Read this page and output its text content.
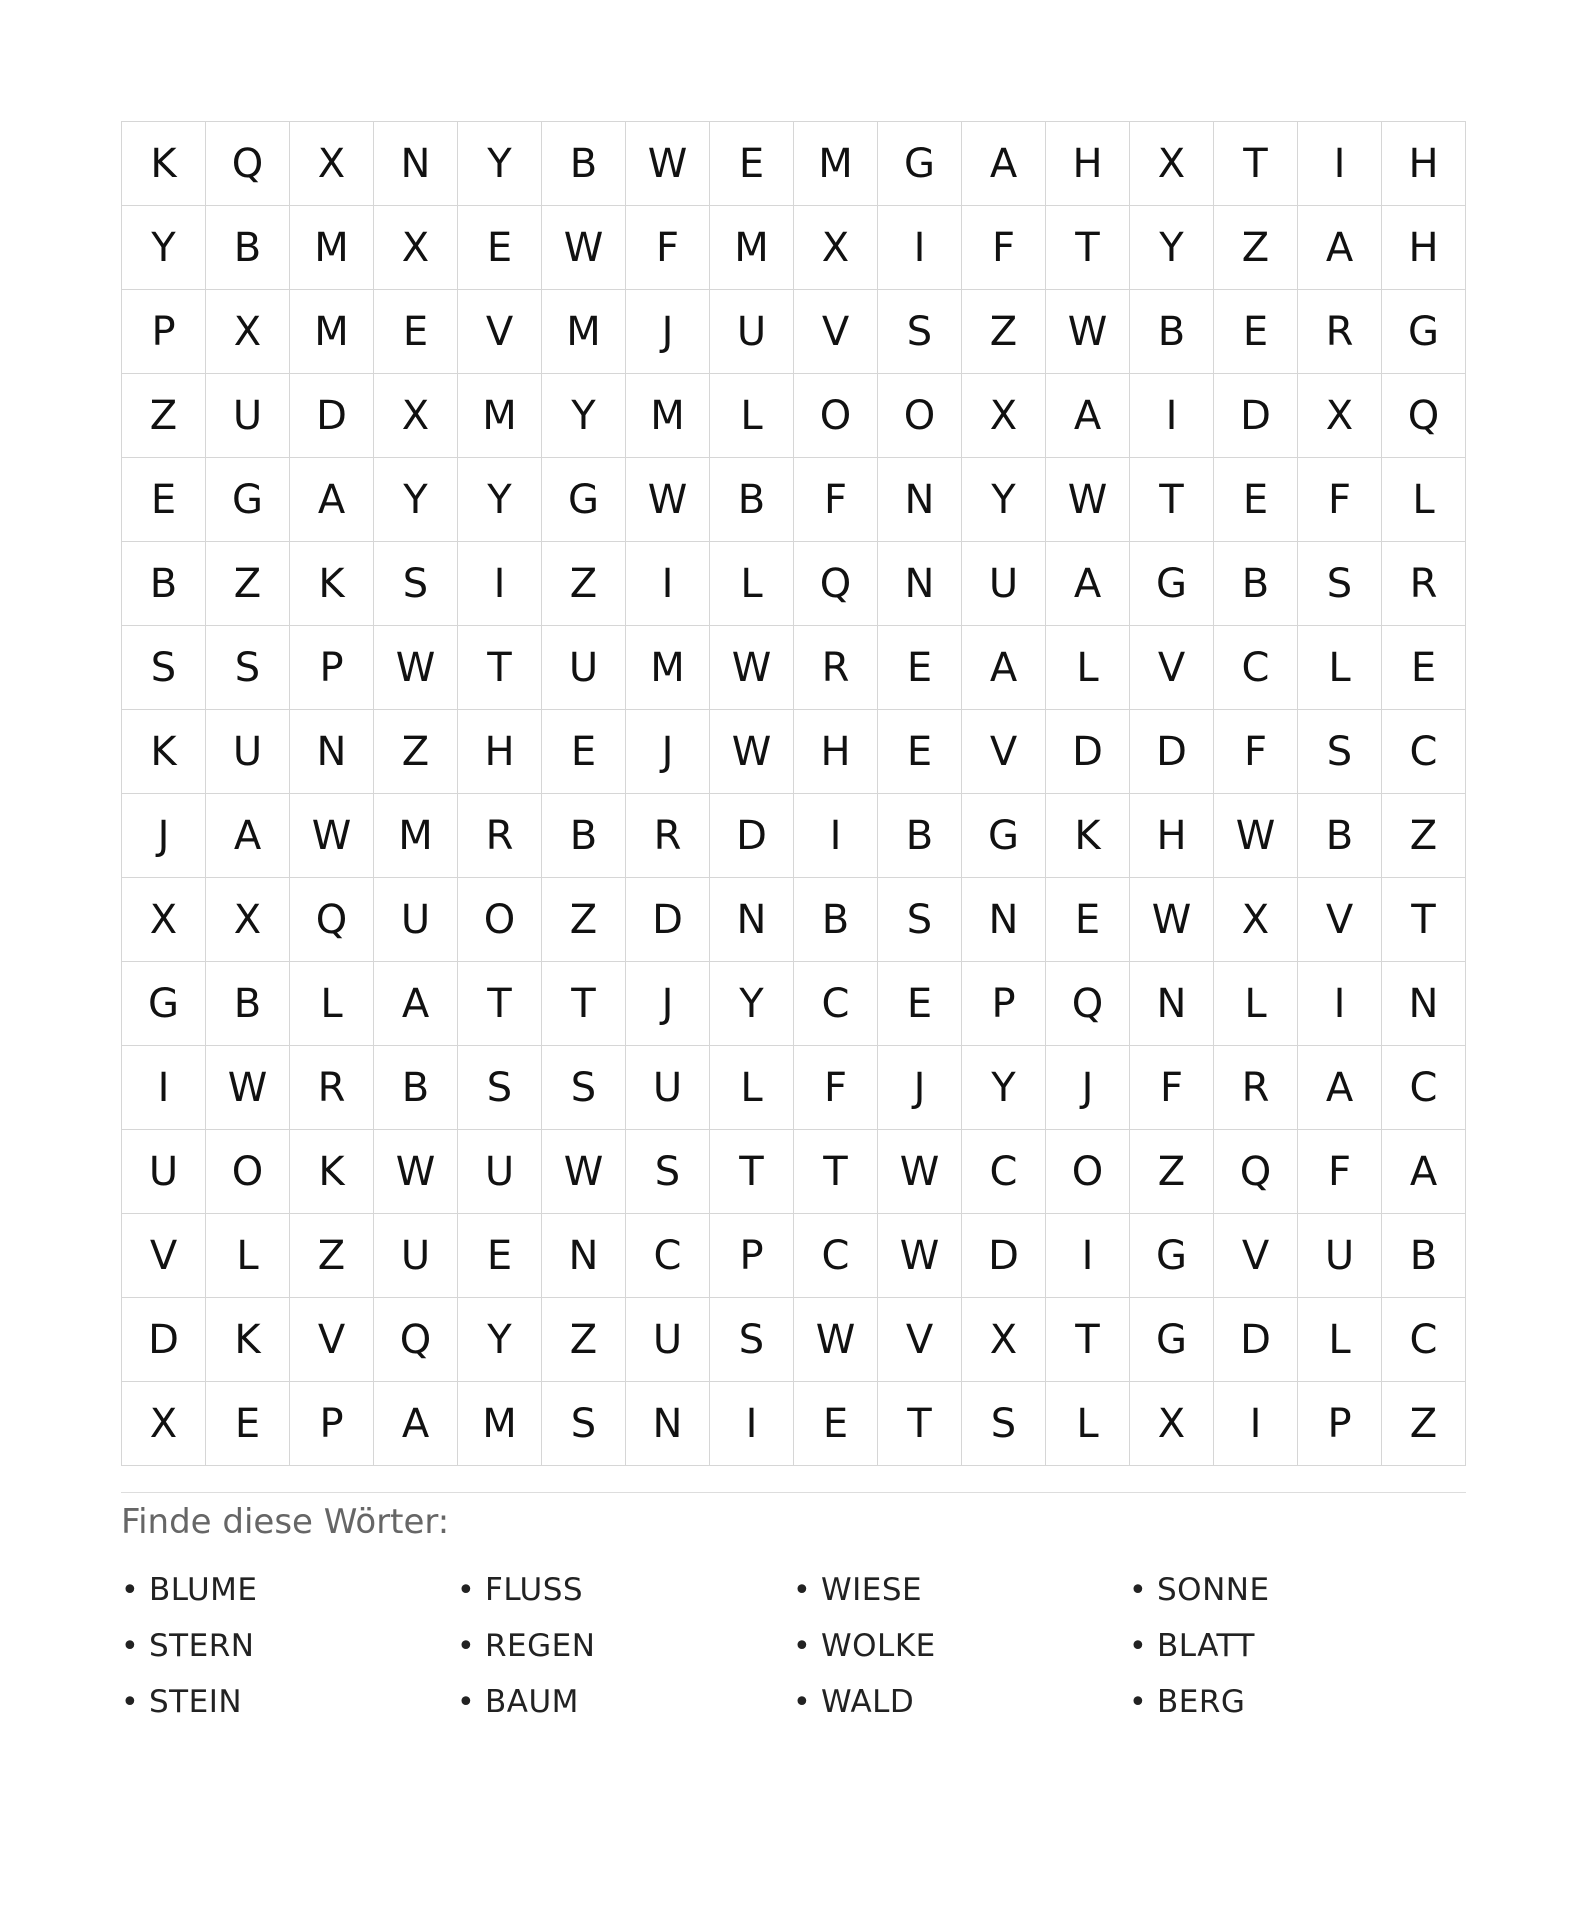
K	Q	X	N	Y	B	W	E	M	G	A	H	X	T	I	H
Y	B	M	X	E	W	F	M	X	I	F	T	Y	Z	A	H
P	X	M	E	V	M	J	U	V	S	Z	W	B	E	R	G
Z	U	D	X	M	Y	M	L	O	O	X	A	I	D	X	Q
E	G	A	Y	Y	G	W	B	F	N	Y	W	T	E	F	L
B	Z	K	S	I	Z	I	L	Q	N	U	A	G	B	S	R
S	S	P	W	T	U	M	W	R	E	A	L	V	C	L	E
K	U	N	Z	H	E	J	W	H	E	V	D	D	F	S	C
J	A	W	M	R	B	R	D	I	B	G	K	H	W	B	Z
X	X	Q	U	O	Z	D	N	B	S	N	E	W	X	V	T
G	B	L	A	T	T	J	Y	C	E	P	Q	N	L	I	N
I	W	R	B	S	S	U	L	F	J	Y	J	F	R	A	C
U	O	K	W	U	W	S	T	T	W	C	O	Z	Q	F	A
V	L	Z	U	E	N	C	P	C	W	D	I	G	V	U	B
D	K	V	Q	Y	Z	U	S	W	V	X	T	G	D	L	C
X	E	P	A	M	S	N	I	E	T	S	L	X	I	P	Z
Finde diese Wörter:
• BLUME	• FLUSS	• WIESE	• SONNE
• STERN	• REGEN	• WOLKE	• BLATT
• STEIN	• BAUM	• WALD	• BERG
